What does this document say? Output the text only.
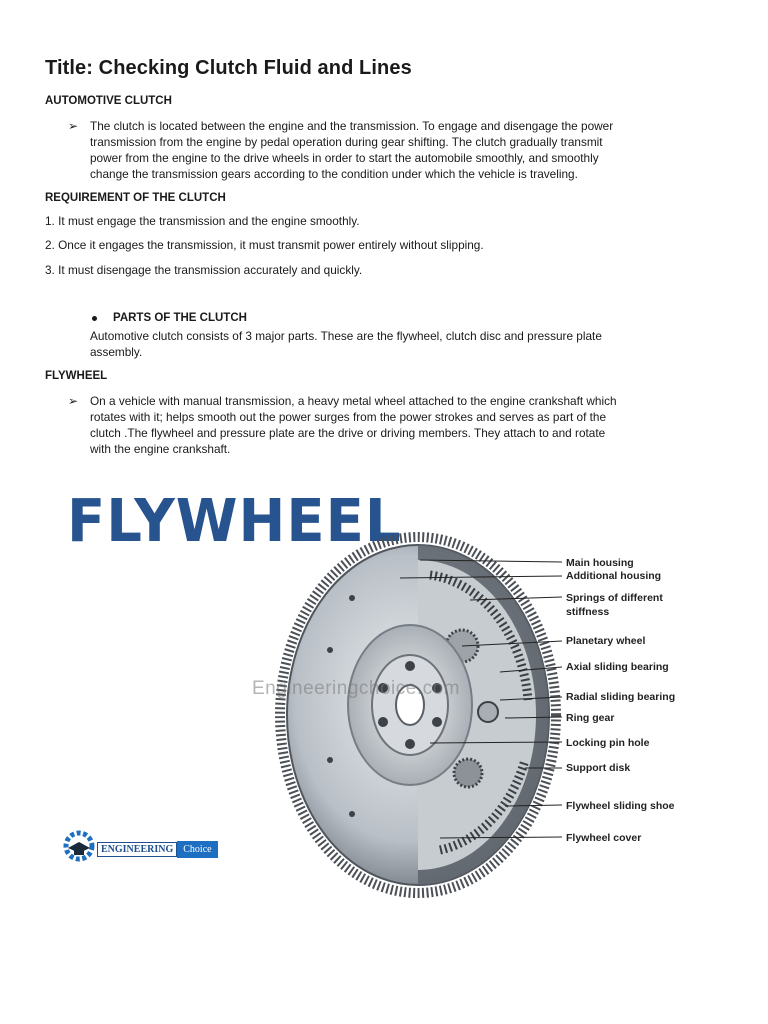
Title: Checking Clutch Fluid and Lines
AUTOMOTIVE CLUTCH
➢ The clutch is located between the engine and the transmission. To engage and disengage the power
transmission from the engine by pedal operation during gear shifting. The clutch gradually transmit
power from the engine to the drive wheels in order to start the automobile smoothly, and smoothly
change the transmission gears according to the condition under which the vehicle is traveling.
REQUIREMENT OF THE CLUTCH
1. It must engage the transmission and the engine smoothly.
2. Once it engages the transmission, it must transmit power entirely without slipping.
3. It must disengage the transmission accurately and quickly.
PARTS OF THE CLUTCH
Automotive clutch consists of 3 major parts. These are the flywheel, clutch disc and pressure plate
assembly.
FLYWHEEL
➢ On a vehicle with manual transmission, a heavy metal wheel attached to the engine crankshaft which
rotates with it; helps smooth out the power surges from the power strokes and serves as part of the
clutch .The flywheel and pressure plate are the drive or driving members. They attach to and rotate
with the engine crankshaft.
FLYWHEEL
Engineeringchoice.com
Main housing
Additional housing
Springs of different
stiffness
Planetary wheel
Axial sliding bearing
Radial sliding bearing
Ring gear
Locking pin hole
Support disk
Flywheel sliding shoe
Flywheel cover
ENGINEERING	Choice
